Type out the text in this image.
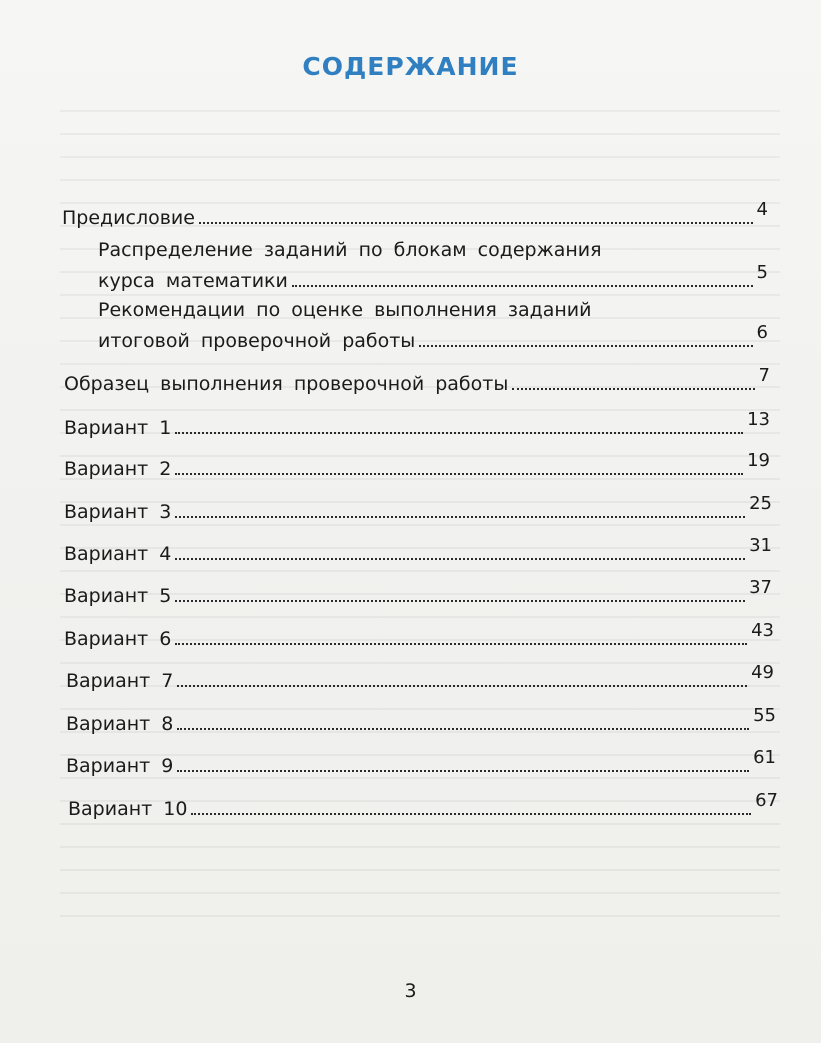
СОДЕРЖАНИЕ
Предисловие	4
Распределение заданий по блокам содержания
курса математики	5
Рекомендации по оценке выполнения заданий
итоговой проверочной работы	6
Образец выполнения проверочной работы	7
Вариант 1	13
Вариант 2	19
Вариант 3	25
Вариант 4	31
Вариант 5	37
Вариант 6	43
Вариант 7	49
Вариант 8	55
Вариант 9	61
Вариант 10	67
3
